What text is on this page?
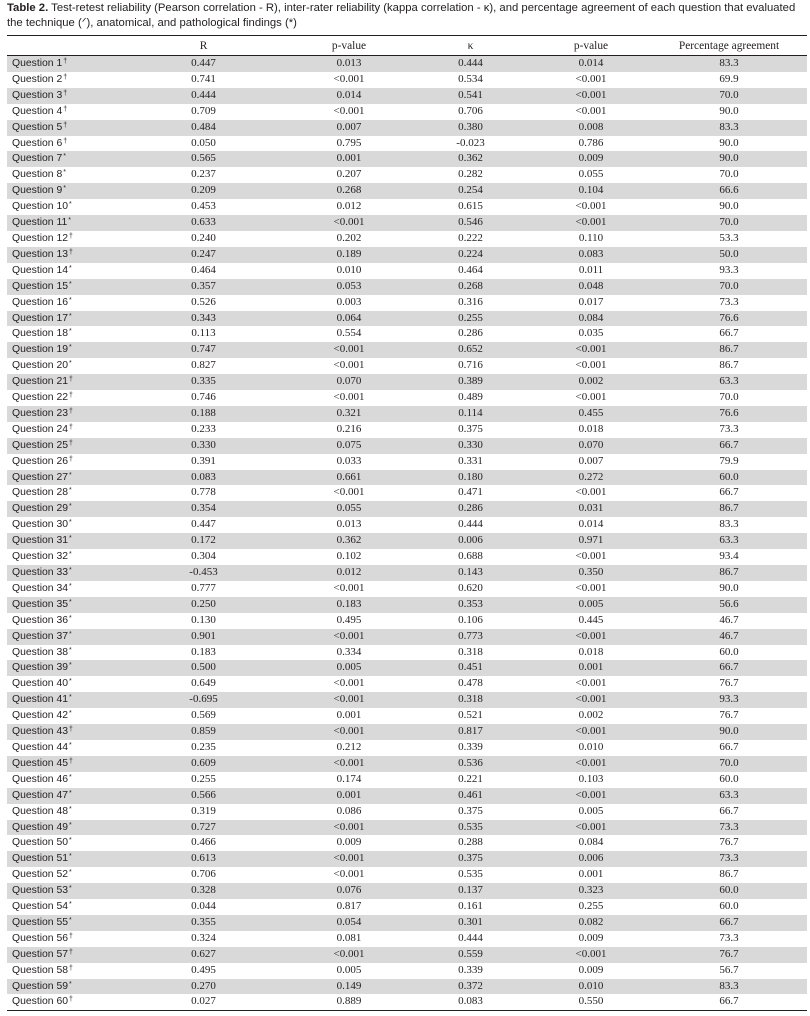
Table 2. Test-retest reliability (Pearson correlation - R), inter-rater reliability (kappa correlation - κ), and percentage agreement of each question that evaluated the technique (ᐟ), anatomical, and pathological findings (*)
	R	p-value	κ	p-value	Percentage agreement
Question 1†	0.447	0.013	0.444	0.014	83.3
Question 2†	0.741	<0.001	0.534	<0.001	69.9
Question 3†	0.444	0.014	0.541	<0.001	70.0
Question 4†	0.709	<0.001	0.706	<0.001	90.0
Question 5†	0.484	0.007	0.380	0.008	83.3
Question 6†	0.050	0.795	-0.023	0.786	90.0
Question 7*	0.565	0.001	0.362	0.009	90.0
Question 8*	0.237	0.207	0.282	0.055	70.0
Question 9*	0.209	0.268	0.254	0.104	66.6
Question 10*	0.453	0.012	0.615	<0.001	90.0
Question 11*	0.633	<0.001	0.546	<0.001	70.0
Question 12†	0.240	0.202	0.222	0.110	53.3
Question 13†	0.247	0.189	0.224	0.083	50.0
Question 14*	0.464	0.010	0.464	0.011	93.3
Question 15*	0.357	0.053	0.268	0.048	70.0
Question 16*	0.526	0.003	0.316	0.017	73.3
Question 17*	0.343	0.064	0.255	0.084	76.6
Question 18*	0.113	0.554	0.286	0.035	66.7
Question 19*	0.747	<0.001	0.652	<0.001	86.7
Question 20*	0.827	<0.001	0.716	<0.001	86.7
Question 21†	0.335	0.070	0.389	0.002	63.3
Question 22†	0.746	<0.001	0.489	<0.001	70.0
Question 23†	0.188	0.321	0.114	0.455	76.6
Question 24†	0.233	0.216	0.375	0.018	73.3
Question 25†	0.330	0.075	0.330	0.070	66.7
Question 26†	0.391	0.033	0.331	0.007	79.9
Question 27*	0.083	0.661	0.180	0.272	60.0
Question 28*	0.778	<0.001	0.471	<0.001	66.7
Question 29*	0.354	0.055	0.286	0.031	86.7
Question 30*	0.447	0.013	0.444	0.014	83.3
Question 31*	0.172	0.362	0.006	0.971	63.3
Question 32*	0.304	0.102	0.688	<0.001	93.4
Question 33*	-0.453	0.012	0.143	0.350	86.7
Question 34*	0.777	<0.001	0.620	<0.001	90.0
Question 35*	0.250	0.183	0.353	0.005	56.6
Question 36*	0.130	0.495	0.106	0.445	46.7
Question 37*	0.901	<0.001	0.773	<0.001	46.7
Question 38*	0.183	0.334	0.318	0.018	60.0
Question 39*	0.500	0.005	0.451	0.001	66.7
Question 40*	0.649	<0.001	0.478	<0.001	76.7
Question 41*	-0.695	<0.001	0.318	<0.001	93.3
Question 42*	0.569	0.001	0.521	0.002	76.7
Question 43†	0.859	<0.001	0.817	<0.001	90.0
Question 44*	0.235	0.212	0.339	0.010	66.7
Question 45†	0.609	<0.001	0.536	<0.001	70.0
Question 46*	0.255	0.174	0.221	0.103	60.0
Question 47*	0.566	0.001	0.461	<0.001	63.3
Question 48*	0.319	0.086	0.375	0.005	66.7
Question 49*	0.727	<0.001	0.535	<0.001	73.3
Question 50*	0.466	0.009	0.288	0.084	76.7
Question 51*	0.613	<0.001	0.375	0.006	73.3
Question 52*	0.706	<0.001	0.535	0.001	86.7
Question 53*	0.328	0.076	0.137	0.323	60.0
Question 54*	0.044	0.817	0.161	0.255	60.0
Question 55*	0.355	0.054	0.301	0.082	66.7
Question 56†	0.324	0.081	0.444	0.009	73.3
Question 57†	0.627	<0.001	0.559	<0.001	76.7
Question 58†	0.495	0.005	0.339	0.009	56.7
Question 59*	0.270	0.149	0.372	0.010	83.3
Question 60†	0.027	0.889	0.083	0.550	66.7
